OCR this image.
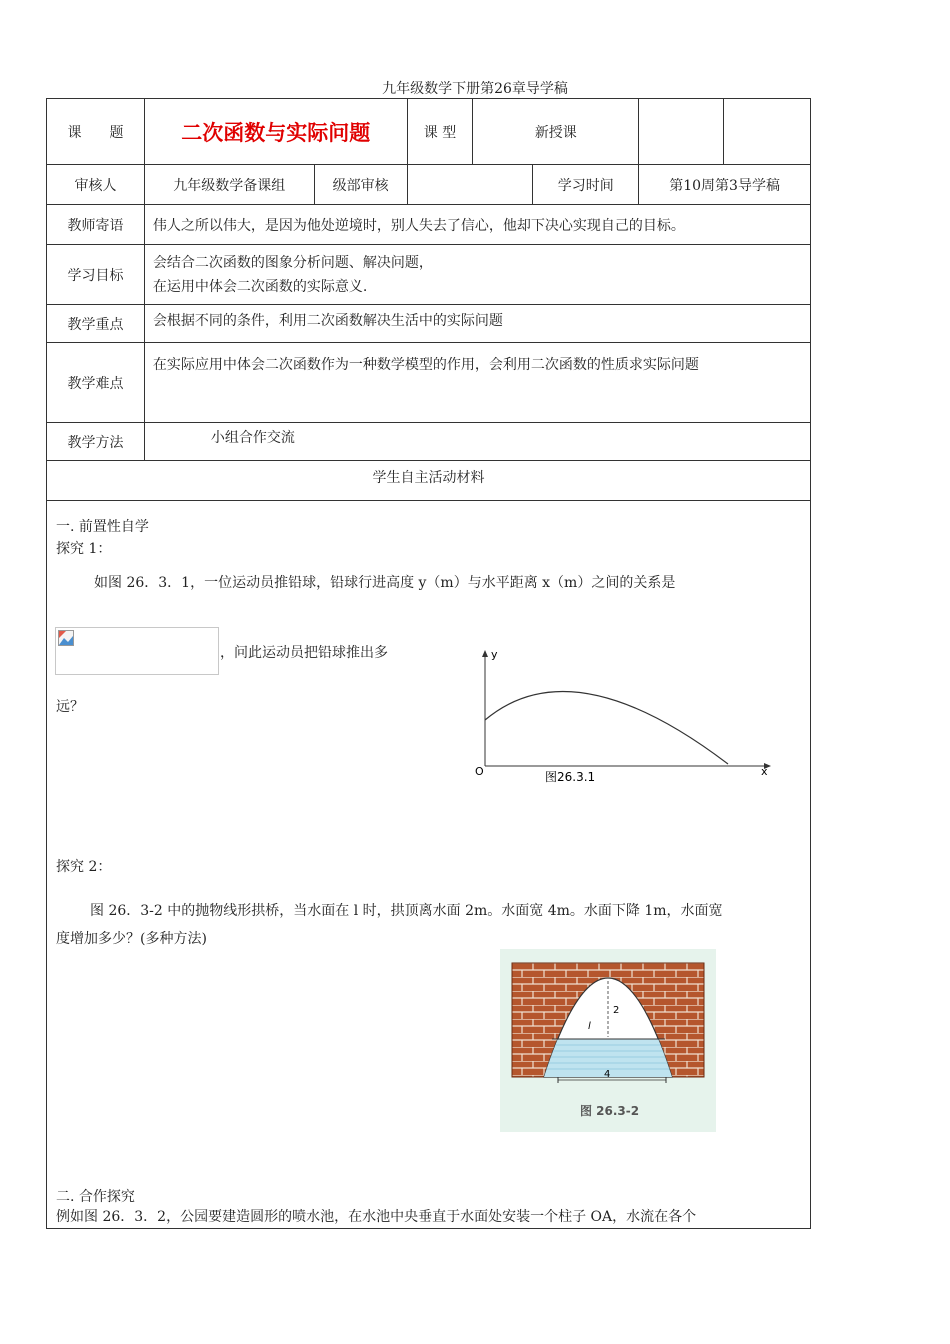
九年级数学下册第26章导学稿
课　　题	二次函数与实际问题		课 型	新授课			
审核人	九年级数学备课组	级部审核			学习时间	第10周第3导学稿	
教师寄语	伟人之所以伟大，是因为他处逆境时，别人失去了信心，他却下决心实现自己的目标。						
学习目标	会结合二次函数的图象分析问题、解决问题，
在运用中体会二次函数的实际意义.						

教学重点	会根据不同的条件，利用二次函数解决生活中的实际问题						
教学难点	在实际应用中体会二次函数作为一种数学模型的作用，会利用二次函数的性质求实际问题						
教学方法	小组合作交流						
学生自主活动材料							
一. 前置性自学
探究 1：
如图 26．3．1，一位运动员推铅球，铅球行进高度 y（m）与水平距离 x（m）之间的关系是
，问此运动员把铅球推出多
远？
y
x
O	图26.3.1
探究 2：
图 26．3-2 中的抛物线形拱桥，当水面在 l 时，拱顶离水面 2m。水面宽 4m。水面下降 1m，水面宽
度增加多少？(多种方法)
2
l
4
图 26.3-2
二. 合作探究
例如图 26．3．2，公园要建造圆形的喷水池，在水池中央垂直于水面处安装一个柱子 OA，水流在各个
